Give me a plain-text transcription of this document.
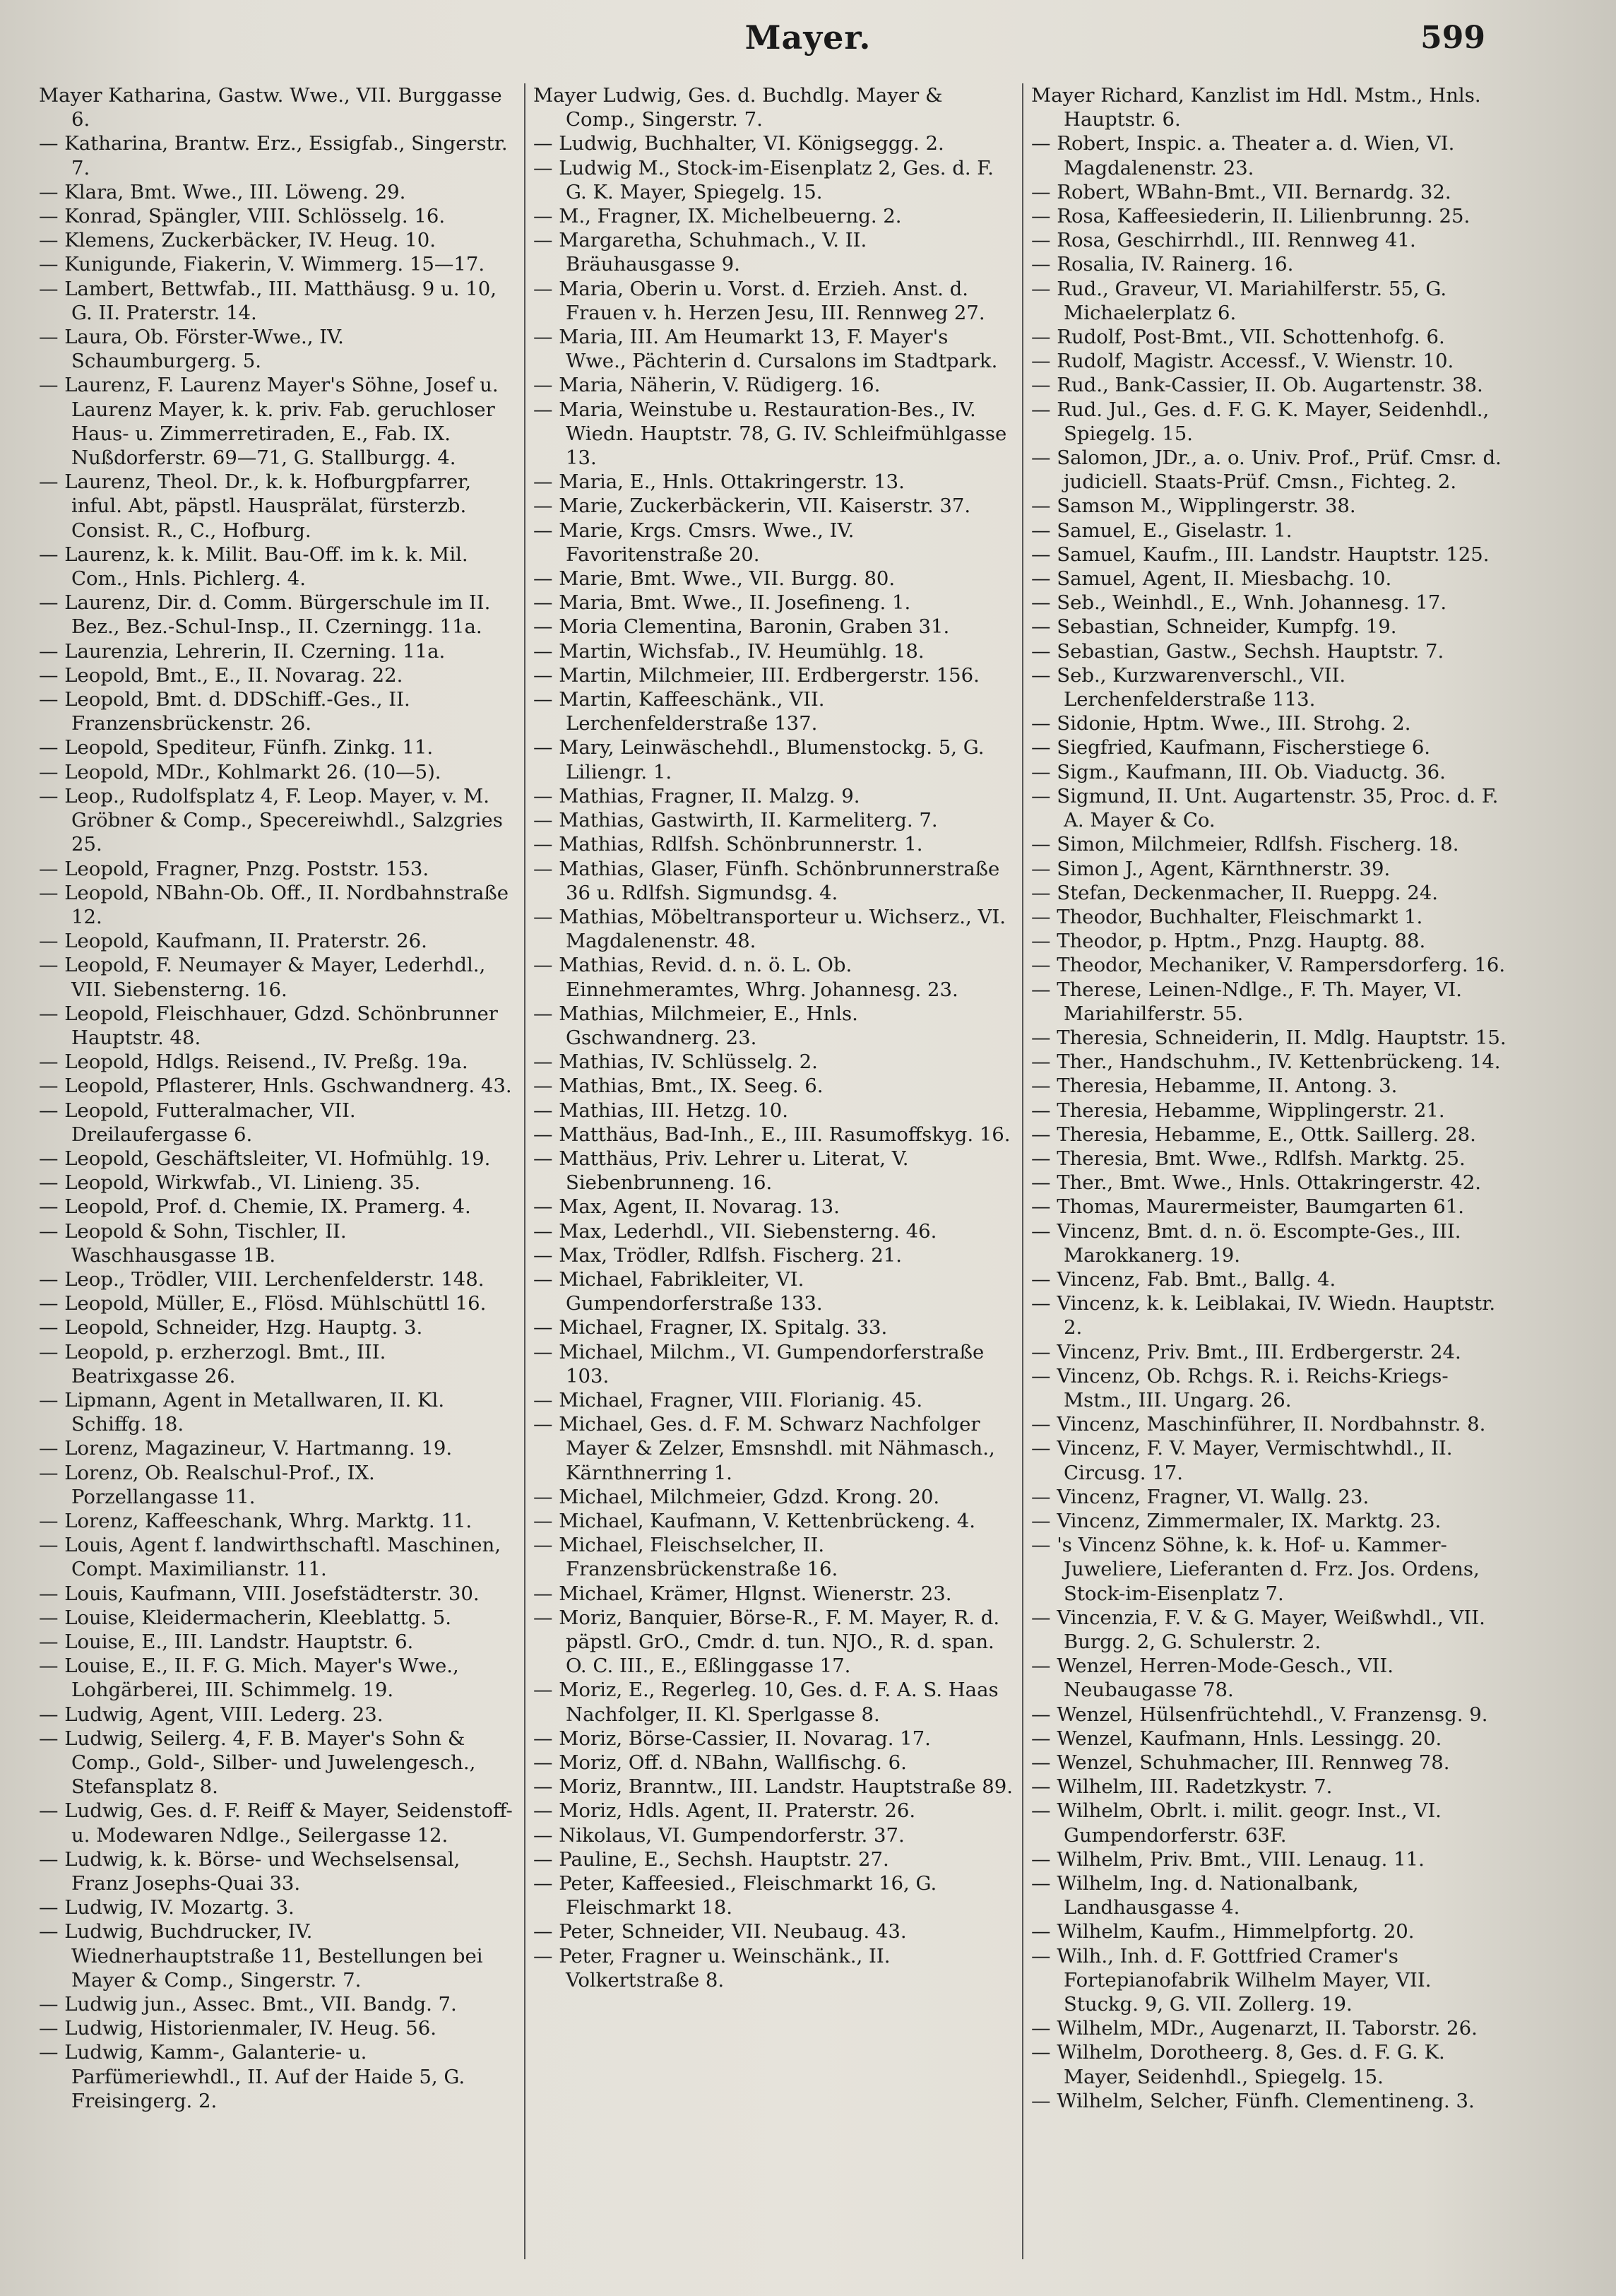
Mayer.	599
Mayer Katharina, Gastw. Wwe., VII. Burggasse 6.
— Katharina, Brantw. Erz., Essigfab., Singerstr. 7.
— Klara, Bmt. Wwe., III. Löweng. 29.
— Konrad, Spängler, VIII. Schlösselg. 16.
— Klemens, Zuckerbäcker, IV. Heug. 10.
— Kunigunde, Fiakerin, V. Wimmerg. 15—17.
— Lambert, Bettwfab., III. Matthäusg. 9 u. 10, G. II. Praterstr. 14.
— Laura, Ob. Förster-Wwe., IV. Schaumburgerg. 5.
— Laurenz, F. Laurenz Mayer's Söhne, Josef u. Laurenz Mayer, k. k. priv. Fab. geruchloser Haus- u. Zimmerretiraden, E., Fab. IX. Nußdorferstr. 69—71, G. Stallburgg. 4.
— Laurenz, Theol. Dr., k. k. Hofburgpfarrer, inful. Abt, päpstl. Hausprälat, fürsterzb. Consist. R., C., Hofburg.
— Laurenz, k. k. Milit. Bau-Off. im k. k. Mil. Com., Hnls. Pichlerg. 4.
— Laurenz, Dir. d. Comm. Bürgerschule im II. Bez., Bez.-Schul-Insp., II. Czerningg. 11a.
— Laurenzia, Lehrerin, II. Czerning. 11a.
— Leopold, Bmt., E., II. Novarag. 22.
— Leopold, Bmt. d. DDSchiff.-Ges., II. Franzensbrückenstr. 26.
— Leopold, Spediteur, Fünfh. Zinkg. 11.
— Leopold, MDr., Kohlmarkt 26. (10—5).
— Leop., Rudolfsplatz 4, F. Leop. Mayer, v. M. Gröbner & Comp., Specereiwhdl., Salzgries 25.
— Leopold, Fragner, Pnzg. Poststr. 153.
— Leopold, NBahn-Ob. Off., II. Nordbahnstraße 12.
— Leopold, Kaufmann, II. Praterstr. 26.
— Leopold, F. Neumayer & Mayer, Lederhdl., VII. Siebensterng. 16.
— Leopold, Fleischhauer, Gdzd. Schönbrunner Hauptstr. 48.
— Leopold, Hdlgs. Reisend., IV. Preßg. 19a.
— Leopold, Pflasterer, Hnls. Gschwandnerg. 43.
— Leopold, Futteralmacher, VII. Dreilaufergasse 6.
— Leopold, Geschäftsleiter, VI. Hofmühlg. 19.
— Leopold, Wirkwfab., VI. Linieng. 35.
— Leopold, Prof. d. Chemie, IX. Pramerg. 4.
— Leopold & Sohn, Tischler, II. Waschhausgasse 1B.
— Leop., Trödler, VIII. Lerchenfelderstr. 148.
— Leopold, Müller, E., Flösd. Mühlschüttl 16.
— Leopold, Schneider, Hzg. Hauptg. 3.
— Leopold, p. erzherzogl. Bmt., III. Beatrixgasse 26.
— Lipmann, Agent in Metallwaren, II. Kl. Schiffg. 18.
— Lorenz, Magazineur, V. Hartmanng. 19.
— Lorenz, Ob. Realschul-Prof., IX. Porzellangasse 11.
— Lorenz, Kaffeeschank, Whrg. Marktg. 11.
— Louis, Agent f. landwirthschaftl. Maschinen, Compt. Maximilianstr. 11.
— Louis, Kaufmann, VIII. Josefstädterstr. 30.
— Louise, Kleidermacherin, Kleeblattg. 5.
— Louise, E., III. Landstr. Hauptstr. 6.
— Louise, E., II. F. G. Mich. Mayer's Wwe., Lohgärberei, III. Schimmelg. 19.
— Ludwig, Agent, VIII. Lederg. 23.
— Ludwig, Seilerg. 4, F. B. Mayer's Sohn & Comp., Gold-, Silber- und Juwelengesch., Stefansplatz 8.
— Ludwig, Ges. d. F. Reiff & Mayer, Seidenstoff- u. Modewaren Ndlge., Seilergasse 12.
— Ludwig, k. k. Börse- und Wechselsensal, Franz Josephs-Quai 33.
— Ludwig, IV. Mozartg. 3.
— Ludwig, Buchdrucker, IV. Wiednerhauptstraße 11, Bestellungen bei Mayer & Comp., Singerstr. 7.
— Ludwig jun., Assec. Bmt., VII. Bandg. 7.
— Ludwig, Historienmaler, IV. Heug. 56.
— Ludwig, Kamm-, Galanterie- u. Parfümeriewhdl., II. Auf der Haide 5, G. Freisingerg. 2.
Mayer Ludwig, Ges. d. Buchdlg. Mayer & Comp., Singerstr. 7.
— Ludwig, Buchhalter, VI. Königseggg. 2.
— Ludwig M., Stock-im-Eisenplatz 2, Ges. d. F. G. K. Mayer, Spiegelg. 15.
— M., Fragner, IX. Michelbeuerng. 2.
— Margaretha, Schuhmach., V. II. Bräuhausgasse 9.
— Maria, Oberin u. Vorst. d. Erzieh. Anst. d. Frauen v. h. Herzen Jesu, III. Rennweg 27.
— Maria, III. Am Heumarkt 13, F. Mayer's Wwe., Pächterin d. Cursalons im Stadtpark.
— Maria, Näherin, V. Rüdigerg. 16.
— Maria, Weinstube u. Restauration-Bes., IV. Wiedn. Hauptstr. 78, G. IV. Schleifmühlgasse 13.
— Maria, E., Hnls. Ottakringerstr. 13.
— Marie, Zuckerbäckerin, VII. Kaiserstr. 37.
— Marie, Krgs. Cmsrs. Wwe., IV. Favoritenstraße 20.
— Marie, Bmt. Wwe., VII. Burgg. 80.
— Maria, Bmt. Wwe., II. Josefineng. 1.
— Moria Clementina, Baronin, Graben 31.
— Martin, Wichsfab., IV. Heumühlg. 18.
— Martin, Milchmeier, III. Erdbergerstr. 156.
— Martin, Kaffeeschänk., VII. Lerchenfelderstraße 137.
— Mary, Leinwäschehdl., Blumenstockg. 5, G. Liliengr. 1.
— Mathias, Fragner, II. Malzg. 9.
— Mathias, Gastwirth, II. Karmeliterg. 7.
— Mathias, Rdlfsh. Schönbrunnerstr. 1.
— Mathias, Glaser, Fünfh. Schönbrunnerstraße 36 u. Rdlfsh. Sigmundsg. 4.
— Mathias, Möbeltransporteur u. Wichserz., VI. Magdalenenstr. 48.
— Mathias, Revid. d. n. ö. L. Ob. Einnehmeramtes, Whrg. Johannesg. 23.
— Mathias, Milchmeier, E., Hnls. Gschwandnerg. 23.
— Mathias, IV. Schlüsselg. 2.
— Mathias, Bmt., IX. Seeg. 6.
— Mathias, III. Hetzg. 10.
— Matthäus, Bad-Inh., E., III. Rasumoffskyg. 16.
— Matthäus, Priv. Lehrer u. Literat, V. Siebenbrunneng. 16.
— Max, Agent, II. Novarag. 13.
— Max, Lederhdl., VII. Siebensterng. 46.
— Max, Trödler, Rdlfsh. Fischerg. 21.
— Michael, Fabrikleiter, VI. Gumpendorferstraße 133.
— Michael, Fragner, IX. Spitalg. 33.
— Michael, Milchm., VI. Gumpendorferstraße 103.
— Michael, Fragner, VIII. Florianig. 45.
— Michael, Ges. d. F. M. Schwarz Nachfolger Mayer & Zelzer, Emsnshdl. mit Nähmasch., Kärnthnerring 1.
— Michael, Milchmeier, Gdzd. Krong. 20.
— Michael, Kaufmann, V. Kettenbrückeng. 4.
— Michael, Fleischselcher, II. Franzensbrückenstraße 16.
— Michael, Krämer, Hlgnst. Wienerstr. 23.
— Moriz, Banquier, Börse-R., F. M. Mayer, R. d. päpstl. GrO., Cmdr. d. tun. NJO., R. d. span. O. C. III., E., Eßlinggasse 17.
— Moriz, E., Regerleg. 10, Ges. d. F. A. S. Haas Nachfolger, II. Kl. Sperlgasse 8.
— Moriz, Börse-Cassier, II. Novarag. 17.
— Moriz, Off. d. NBahn, Wallfischg. 6.
— Moriz, Branntw., III. Landstr. Hauptstraße 89.
— Moriz, Hdls. Agent, II. Praterstr. 26.
— Nikolaus, VI. Gumpendorferstr. 37.
— Pauline, E., Sechsh. Hauptstr. 27.
— Peter, Kaffeesied., Fleischmarkt 16, G. Fleischmarkt 18.
— Peter, Schneider, VII. Neubaug. 43.
— Peter, Fragner u. Weinschänk., II. Volkertstraße 8.
Mayer Richard, Kanzlist im Hdl. Mstm., Hnls. Hauptstr. 6.
— Robert, Inspic. a. Theater a. d. Wien, VI. Magdalenenstr. 23.
— Robert, WBahn-Bmt., VII. Bernardg. 32.
— Rosa, Kaffeesiederin, II. Lilienbrunng. 25.
— Rosa, Geschirrhdl., III. Rennweg 41.
— Rosalia, IV. Rainerg. 16.
— Rud., Graveur, VI. Mariahilferstr. 55, G. Michaelerplatz 6.
— Rudolf, Post-Bmt., VII. Schottenhofg. 6.
— Rudolf, Magistr. Accessf., V. Wienstr. 10.
— Rud., Bank-Cassier, II. Ob. Augartenstr. 38.
— Rud. Jul., Ges. d. F. G. K. Mayer, Seidenhdl., Spiegelg. 15.
— Salomon, JDr., a. o. Univ. Prof., Prüf. Cmsr. d. judiciell. Staats-Prüf. Cmsn., Fichteg. 2.
— Samson M., Wipplingerstr. 38.
— Samuel, E., Giselastr. 1.
— Samuel, Kaufm., III. Landstr. Hauptstr. 125.
— Samuel, Agent, II. Miesbachg. 10.
— Seb., Weinhdl., E., Wnh. Johannesg. 17.
— Sebastian, Schneider, Kumpfg. 19.
— Sebastian, Gastw., Sechsh. Hauptstr. 7.
— Seb., Kurzwarenverschl., VII. Lerchenfelderstraße 113.
— Sidonie, Hptm. Wwe., III. Strohg. 2.
— Siegfried, Kaufmann, Fischerstiege 6.
— Sigm., Kaufmann, III. Ob. Viaductg. 36.
— Sigmund, II. Unt. Augartenstr. 35, Proc. d. F. A. Mayer & Co.
— Simon, Milchmeier, Rdlfsh. Fischerg. 18.
— Simon J., Agent, Kärnthnerstr. 39.
— Stefan, Deckenmacher, II. Rueppg. 24.
— Theodor, Buchhalter, Fleischmarkt 1.
— Theodor, p. Hptm., Pnzg. Hauptg. 88.
— Theodor, Mechaniker, V. Rampersdorferg. 16.
— Therese, Leinen-Ndlge., F. Th. Mayer, VI. Mariahilferstr. 55.
— Theresia, Schneiderin, II. Mdlg. Hauptstr. 15.
— Ther., Handschuhm., IV. Kettenbrückeng. 14.
— Theresia, Hebamme, II. Antong. 3.
— Theresia, Hebamme, Wipplingerstr. 21.
— Theresia, Hebamme, E., Ottk. Saillerg. 28.
— Theresia, Bmt. Wwe., Rdlfsh. Marktg. 25.
— Ther., Bmt. Wwe., Hnls. Ottakringerstr. 42.
— Thomas, Maurermeister, Baumgarten 61.
— Vincenz, Bmt. d. n. ö. Escompte-Ges., III. Marokkanerg. 19.
— Vincenz, Fab. Bmt., Ballg. 4.
— Vincenz, k. k. Leiblakai, IV. Wiedn. Hauptstr. 2.
— Vincenz, Priv. Bmt., III. Erdbergerstr. 24.
— Vincenz, Ob. Rchgs. R. i. Reichs-Kriegs-Mstm., III. Ungarg. 26.
— Vincenz, Maschinführer, II. Nordbahnstr. 8.
— Vincenz, F. V. Mayer, Vermischtwhdl., II. Circusg. 17.
— Vincenz, Fragner, VI. Wallg. 23.
— Vincenz, Zimmermaler, IX. Marktg. 23.
— 's Vincenz Söhne, k. k. Hof- u. Kammer-Juweliere, Lieferanten d. Frz. Jos. Ordens, Stock-im-Eisenplatz 7.
— Vincenzia, F. V. & G. Mayer, Weißwhdl., VII. Burgg. 2, G. Schulerstr. 2.
— Wenzel, Herren-Mode-Gesch., VII. Neubaugasse 78.
— Wenzel, Hülsenfrüchtehdl., V. Franzensg. 9.
— Wenzel, Kaufmann, Hnls. Lessingg. 20.
— Wenzel, Schuhmacher, III. Rennweg 78.
— Wilhelm, III. Radetzkystr. 7.
— Wilhelm, Obrlt. i. milit. geogr. Inst., VI. Gumpendorferstr. 63F.
— Wilhelm, Priv. Bmt., VIII. Lenaug. 11.
— Wilhelm, Ing. d. Nationalbank, Landhausgasse 4.
— Wilhelm, Kaufm., Himmelpfortg. 20.
— Wilh., Inh. d. F. Gottfried Cramer's Fortepianofabrik Wilhelm Mayer, VII. Stuckg. 9, G. VII. Zollerg. 19.
— Wilhelm, MDr., Augenarzt, II. Taborstr. 26.
— Wilhelm, Dorotheerg. 8, Ges. d. F. G. K. Mayer, Seidenhdl., Spiegelg. 15.
— Wilhelm, Selcher, Fünfh. Clementineng. 3.
